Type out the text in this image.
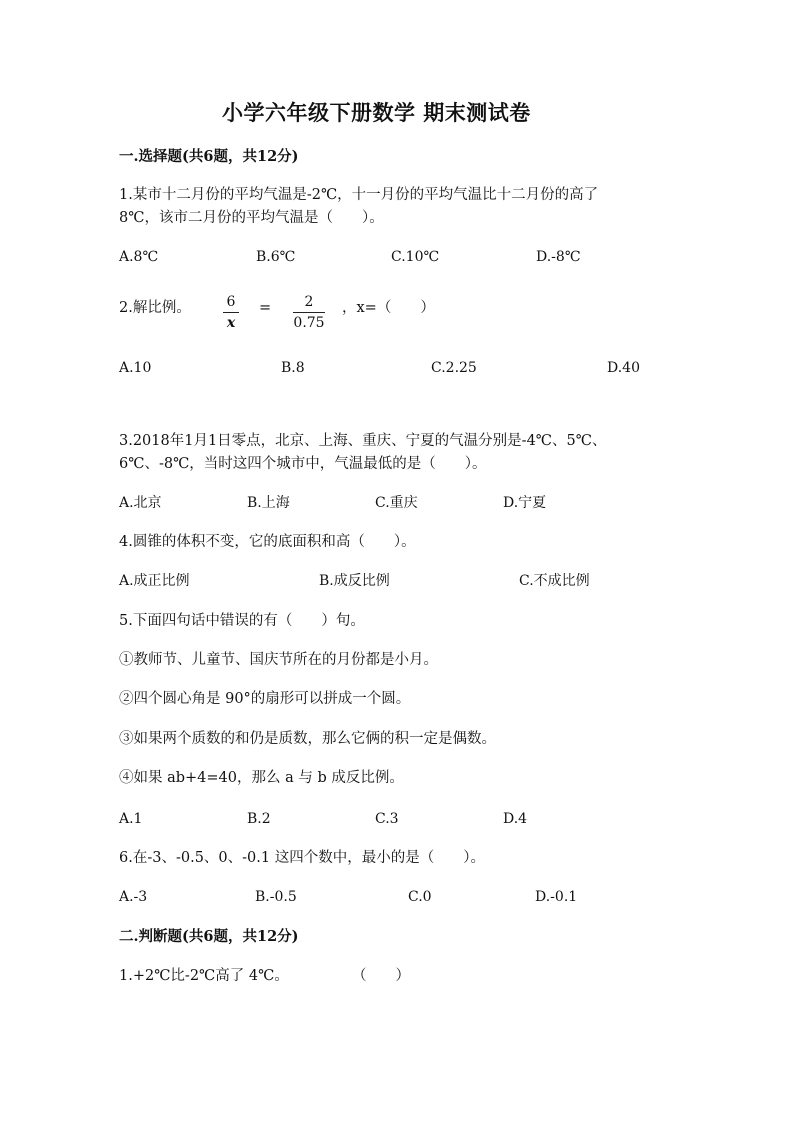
小学六年级下册数学 期末测试卷
一.选择题(共6题，共12分)
1.某市十二月份的平均气温是-2℃，十一月份的平均气温比十二月份的高了
8℃，该市二月份的平均气温是（　　）。
A.8℃	B.6℃	C.10℃	D.-8℃
2.解比例。	6
x
=	2
0.75
，x=（　　）
A.10	B.8	C.2.25	D.40
3.2018年1月1日零点，北京、上海、重庆、宁夏的气温分别是-4℃、5℃、
6℃、-8℃，当时这四个城市中，气温最低的是（　　）。
A.北京	B.上海	C.重庆	D.宁夏
4.圆锥的体积不变，它的底面积和高（　　）。
A.成正比例	B.成反比例	C.不成比例
5.下面四句话中错误的有（　　）句。
①教师节、儿童节、国庆节所在的月份都是小月。
②四个圆心角是 90°的扇形可以拼成一个圆。
③如果两个质数的和仍是质数，那么它俩的积一定是偶数。
④如果 ab+4=40，那么 a 与 b 成反比例。
A.1	B.2	C.3	D.4
6.在-3、-0.5、0、-0.1 这四个数中，最小的是（　　）。
A.-3	B.-0.5	C.0	D.-0.1
二.判断题(共6题，共12分)
1.+2℃比-2℃高了 4℃。	（　　）
